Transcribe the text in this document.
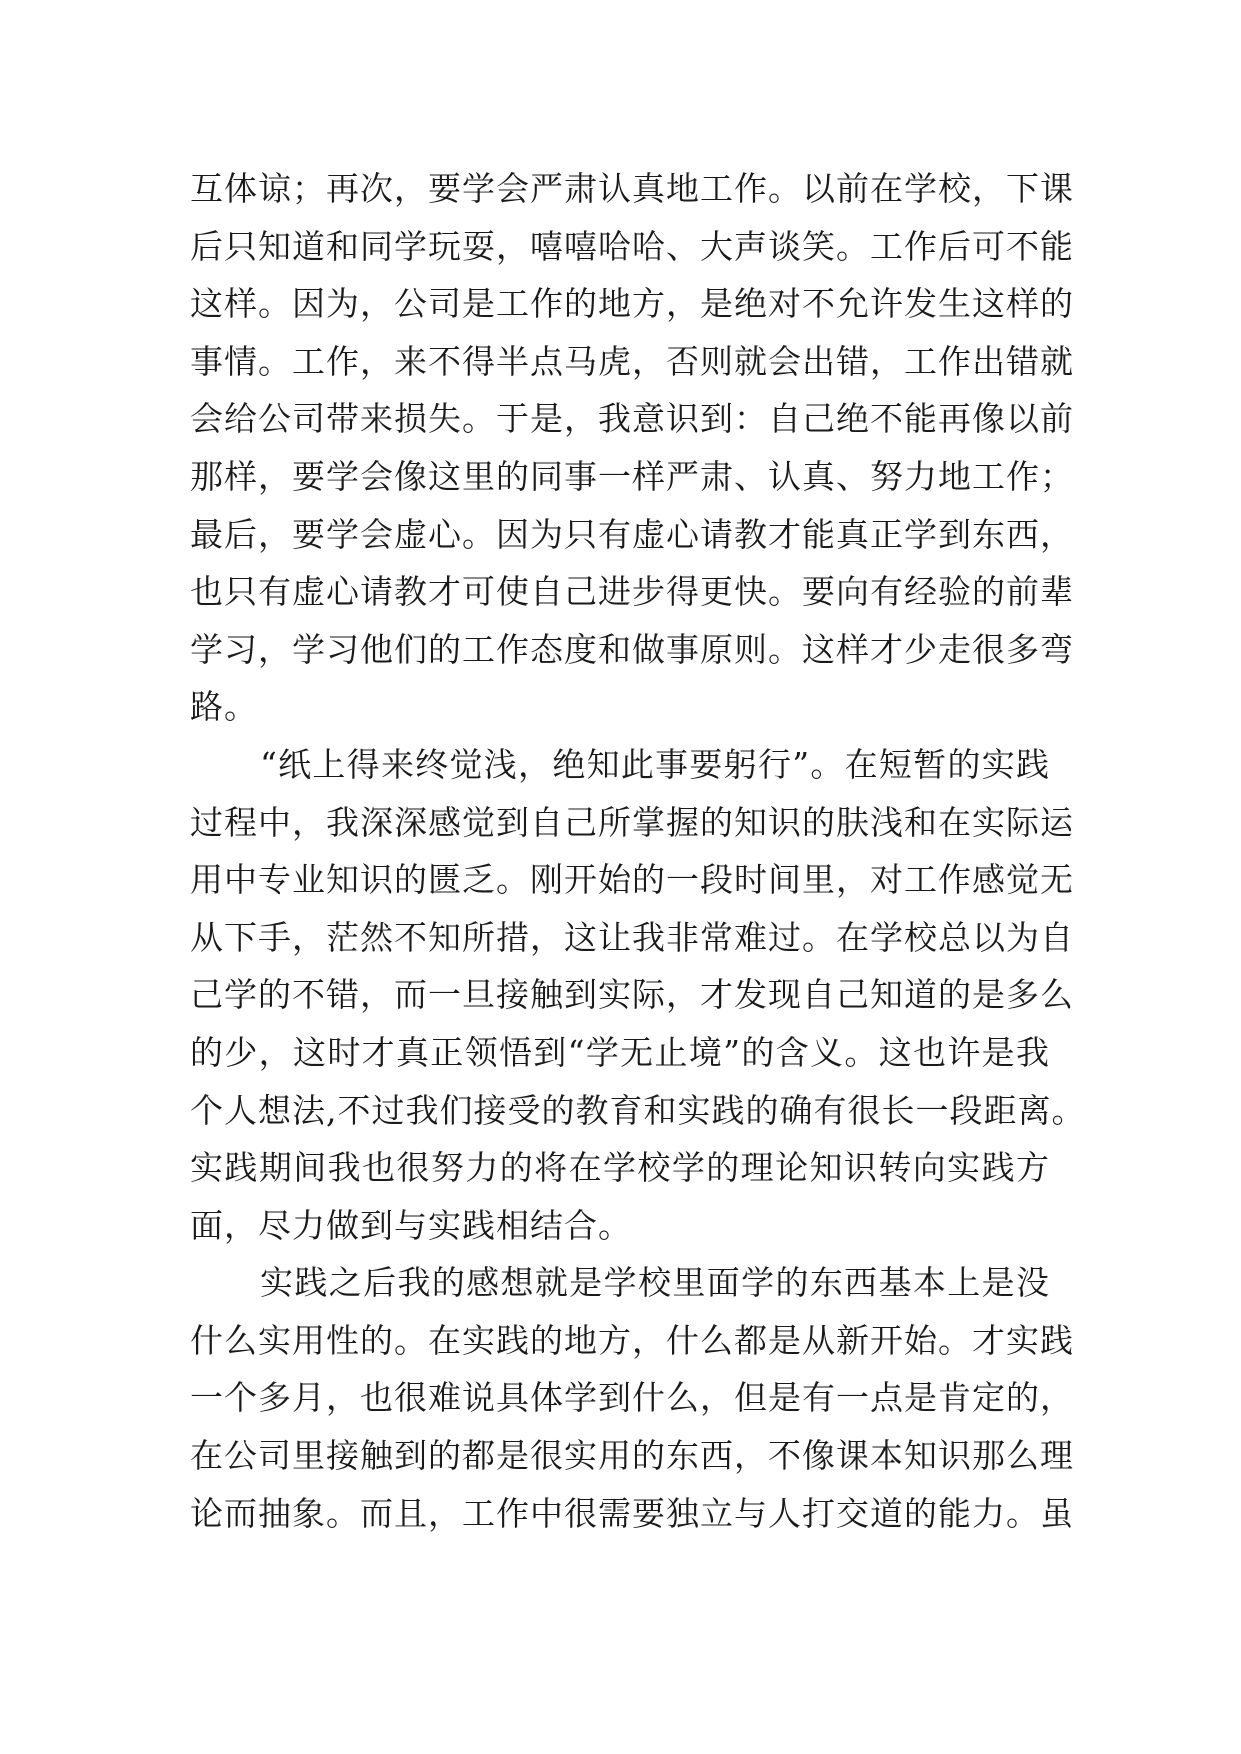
互体谅；再次，要学会严肃认真地工作。以前在学校，下课
后只知道和同学玩耍，嘻嘻哈哈、大声谈笑。工作后可不能
这样。因为，公司是工作的地方，是绝对不允许发生这样的
事情。工作，来不得半点马虎，否则就会出错，工作出错就
会给公司带来损失。于是，我意识到：自己绝不能再像以前
那样，要学会像这里的同事一样严肃、认真、努力地工作；
最后，要学会虚心。因为只有虚心请教才能真正学到东西，
也只有虚心请教才可使自己进步得更快。要向有经验的前辈
学习，学习他们的工作态度和做事原则。这样才少走很多弯
路。
“纸上得来终觉浅，绝知此事要躬行”。在短暂的实践
过程中，我深深感觉到自己所掌握的知识的肤浅和在实际运
用中专业知识的匮乏。刚开始的一段时间里，对工作感觉无
从下手，茫然不知所措，这让我非常难过。在学校总以为自
己学的不错，而一旦接触到实际，才发现自己知道的是多么
的少，这时才真正领悟到“学无止境”的含义。这也许是我
个人想法,不过我们接受的教育和实践的确有很长一段距离。
实践期间我也很努力的将在学校学的理论知识转向实践方
面，尽力做到与实践相结合。
实践之后我的感想就是学校里面学的东西基本上是没
什么实用性的。在实践的地方，什么都是从新开始。才实践
一个多月，也很难说具体学到什么，但是有一点是肯定的，
在公司里接触到的都是很实用的东西，不像课本知识那么理
论而抽象。而且，工作中很需要独立与人打交道的能力。虽
